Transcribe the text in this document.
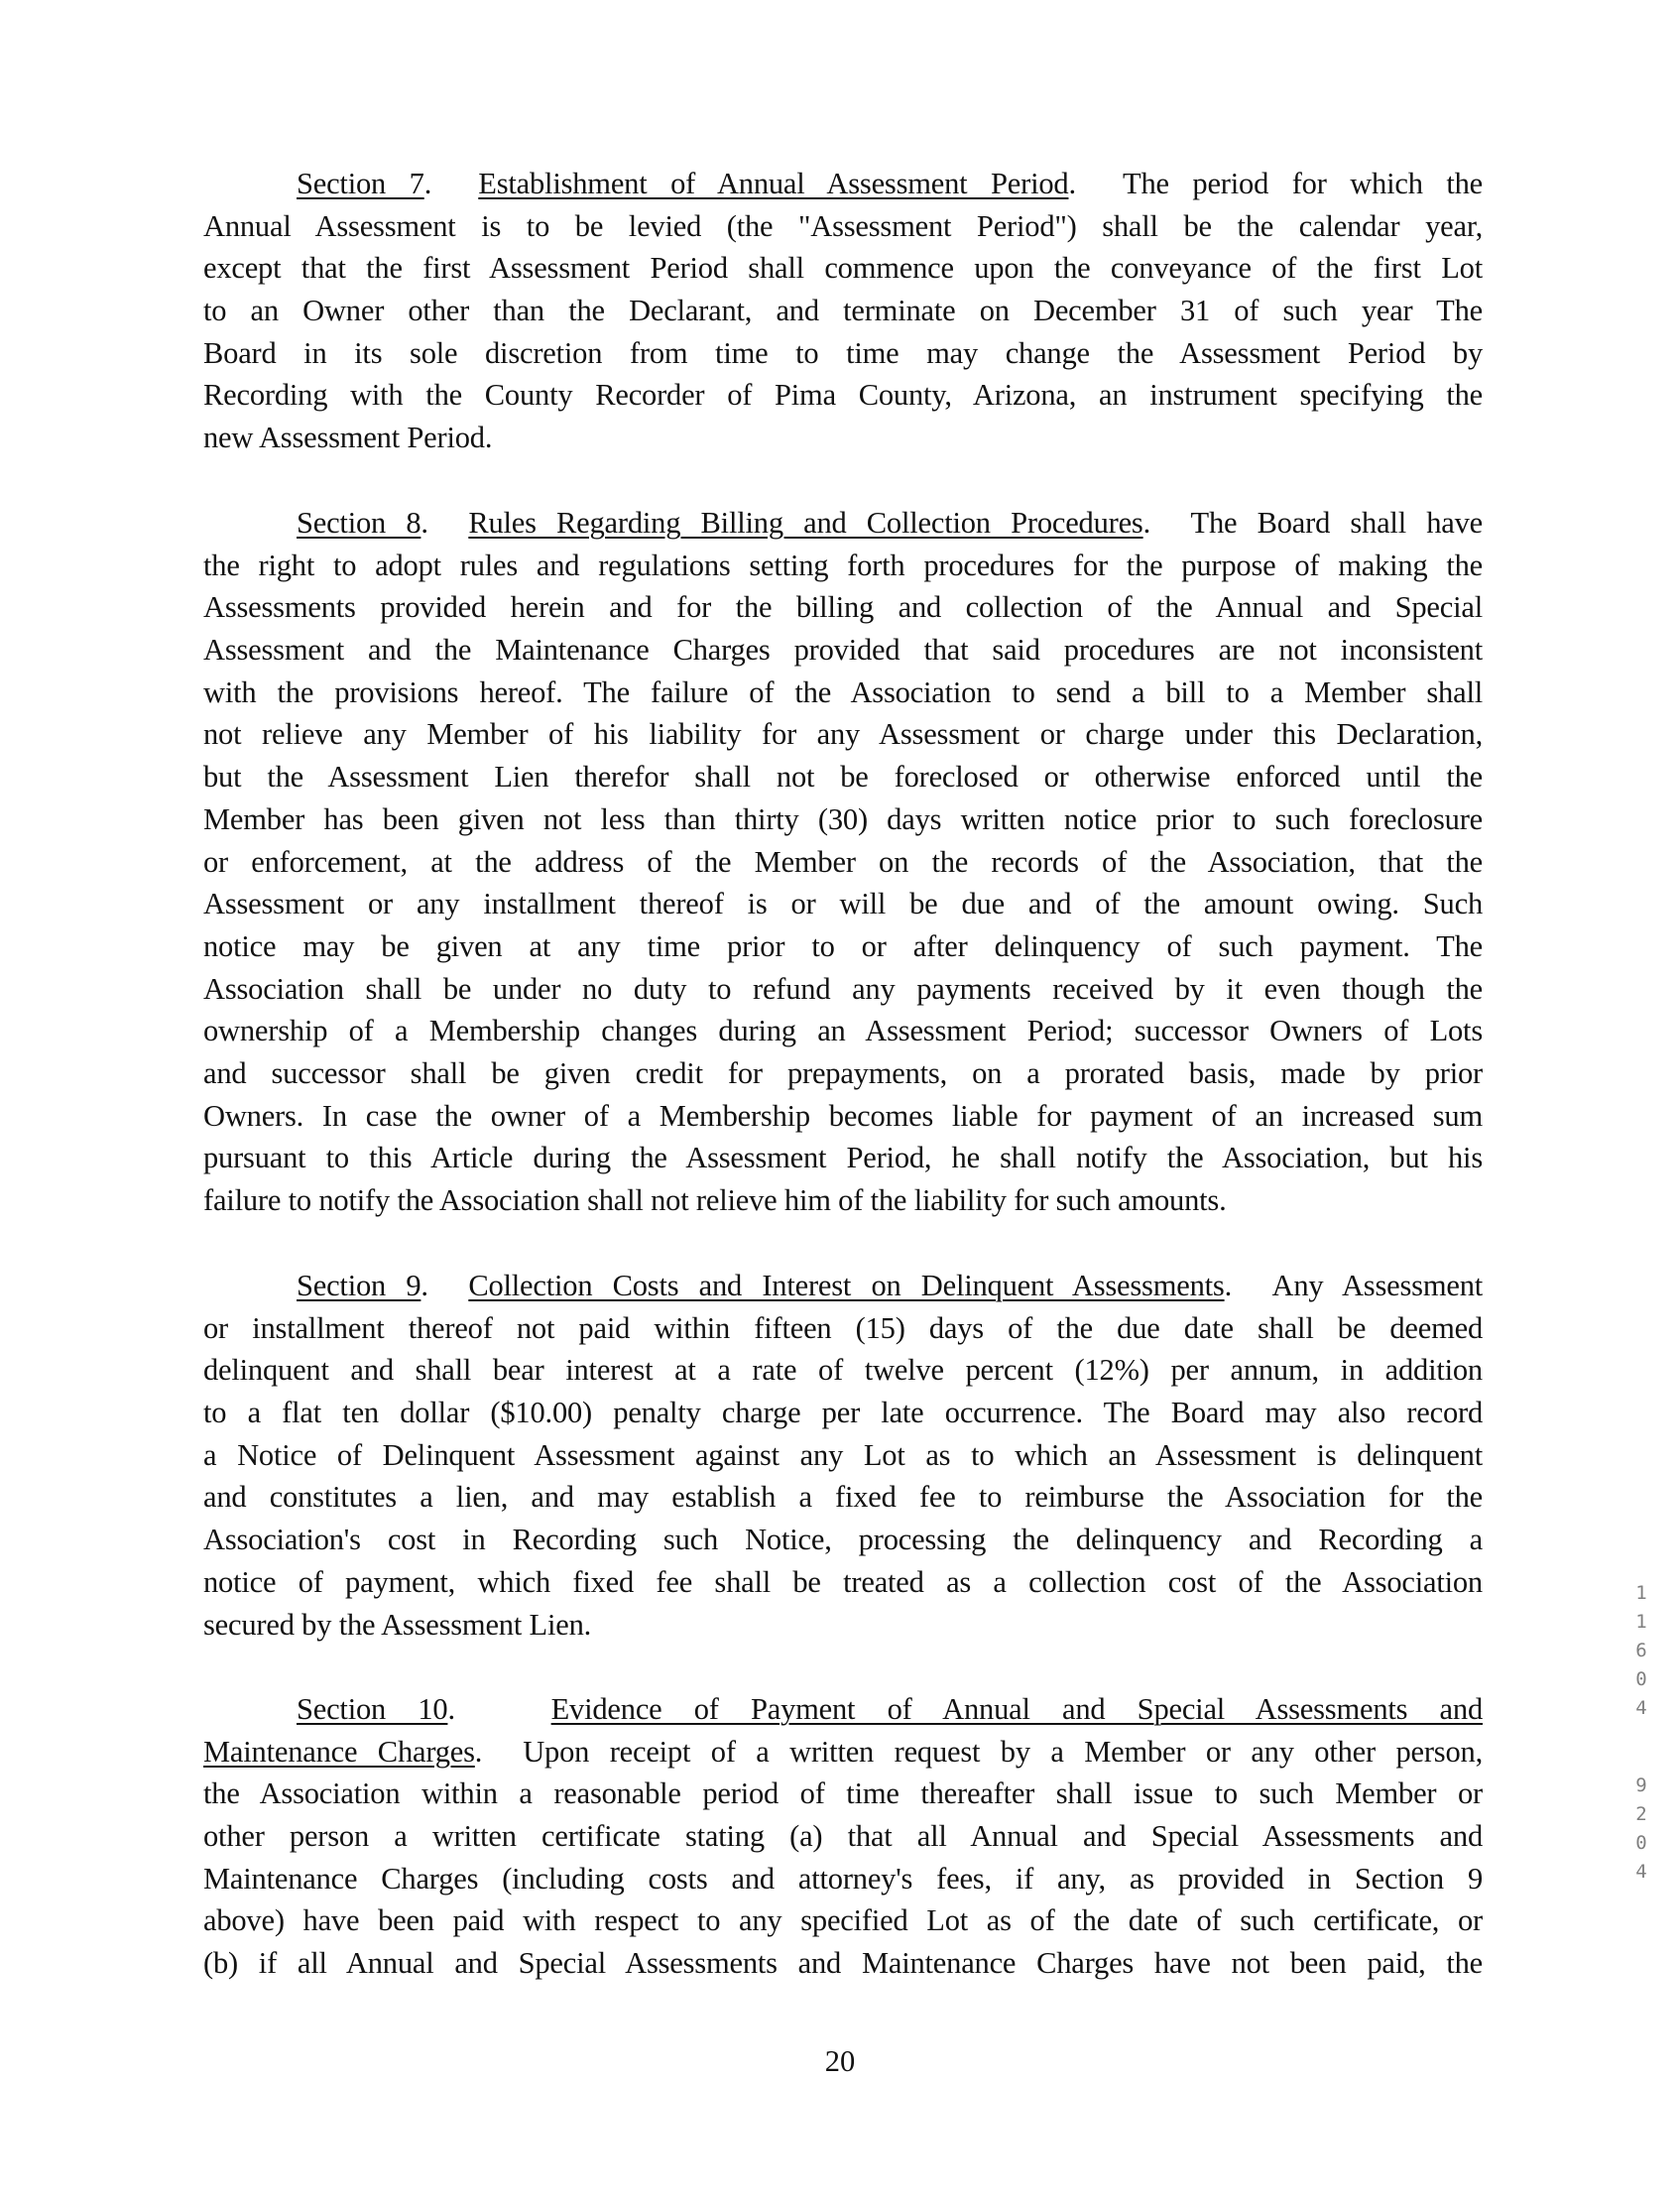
Section 7.  Establishment of Annual Assessment Period.  The period for which the
Annual Assessment is to be levied (the "Assessment Period") shall be the calendar year,
except that the first Assessment Period shall commence upon the conveyance of the first Lot
to an Owner other than the Declarant, and terminate on December 31 of such year The
Board in its sole discretion from time to time may change the Assessment Period by
Recording with the County Recorder of Pima County, Arizona, an instrument specifying the
new Assessment Period.
Section 8.  Rules Regarding Billing and Collection Procedures.  The Board shall have
the right to adopt rules and regulations setting forth procedures for the purpose of making the
Assessments provided herein and for the billing and collection of the Annual and Special
Assessment and the Maintenance Charges provided that said procedures are not inconsistent
with the provisions hereof. The failure of the Association to send a bill to a Member shall
not relieve any Member of his liability for any Assessment or charge under this Declaration,
but the Assessment Lien therefor shall not be foreclosed or otherwise enforced until the
Member has been given not less than thirty (30) days written notice prior to such foreclosure
or enforcement, at the address of the Member on the records of the Association, that the
Assessment or any installment thereof is or will be due and of the amount owing. Such
notice may be given at any time prior to or after delinquency of such payment. The
Association shall be under no duty to refund any payments received by it even though the
ownership of a Membership changes during an Assessment Period; successor Owners of Lots
and successor shall be given credit for prepayments, on a prorated basis, made by prior
Owners. In case the owner of a Membership becomes liable for payment of an increased sum
pursuant to this Article during the Assessment Period, he shall notify the Association, but his
failure to notify the Association shall not relieve him of the liability for such amounts.
Section 9.  Collection Costs and Interest on Delinquent Assessments.  Any Assessment
or installment thereof not paid within fifteen (15) days of the due date shall be deemed
delinquent and shall bear interest at a rate of twelve percent (12%) per annum, in addition
to a flat ten dollar ($10.00) penalty charge per late occurrence. The Board may also record
a Notice of Delinquent Assessment against any Lot as to which an Assessment is delinquent
and constitutes a lien, and may establish a fixed fee to reimburse the Association for the
Association's cost in Recording such Notice, processing the delinquency and Recording a
notice of payment, which fixed fee shall be treated as a collection cost of the Association
secured by the Assessment Lien.
Section 10.   Evidence of Payment of Annual and Special Assessments and
Maintenance Charges.  Upon receipt of a written request by a Member or any other person,
the Association within a reasonable period of time thereafter shall issue to such Member or
other person a written certificate stating (a) that all Annual and Special Assessments and
Maintenance Charges (including costs and attorney's fees, if any, as provided in Section 9
above) have been paid with respect to any specified Lot as of the date of such certificate, or
(b) if all Annual and Special Assessments and Maintenance Charges have not been paid, the
1
1
6
0
4
9
2
0
4
20
